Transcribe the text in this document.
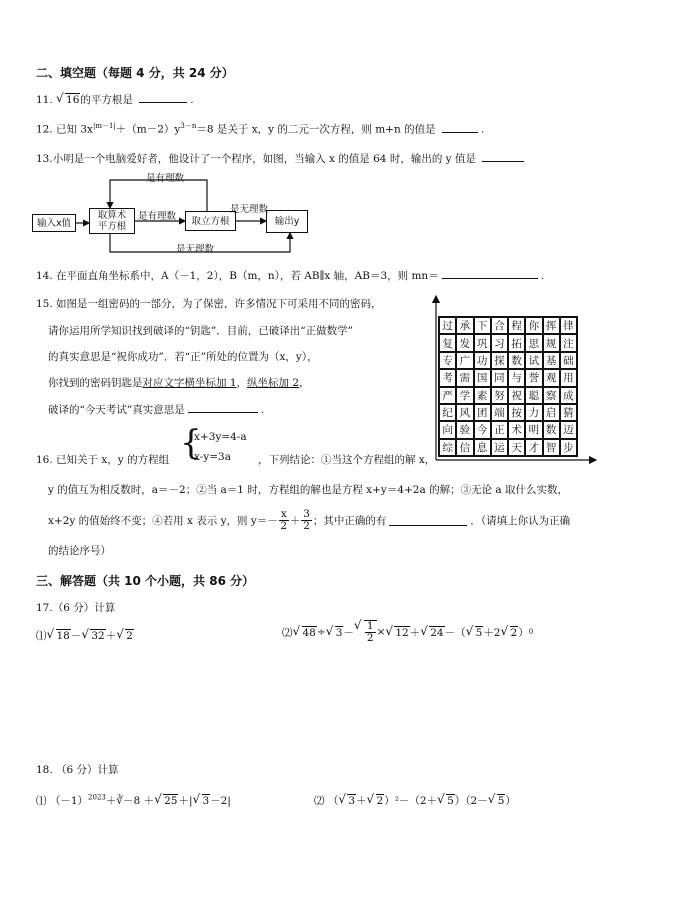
二、填空题（每题 4 分，共 24 分）
11. √ 16的平方根是	.
12. 已知 $3x^{|m-1|}+(m-2)y^{3-n}=8$ 是关于 x，y 的二元一次方程，则 m+n 的值是	.
13.小明是一个电脑爱好者，他设计了一个程序，如图，当输入 x 的值是 64 时，输出的 y 值是
输入x值
取算术
平方根	取立方根	输出y
是有理数
是有理数
是无理数
是无理数
14. 在平面直角坐标系中，A（－1，2），B（m，n），若 AB∥x 轴，AB＝3，则 mn＝	.
15. 如图是一组密码的一部分，为了保密，许多情况下可采用不同的密码，
请你运用所学知识找到破译的“钥匙”．目前，已破译出“正做数学”
的真实意思是“祝你成功”．若“正”所处的位置为（x，y），
你找到的密码钥匙是对应文字横坐标加 1，纵坐标加 2，
破译的“今天考试”真实意思是	.
过 承 下 合 程 你 挥 律
复 发 巩 习 拓 思 规 注
专 广 功 探 数 试 基 础
考 需 国 同 与 誉 观 用
严 学 素 努 祝 聪 察 成
纪 风 团 端 按 力 启 猜
向 验 今 正 术 明 数 迈
综 信 息 运 天 才 智 步
16. 已知关于 x，y 的方程组 {
x+3y=4-a
x-y=3a	，下列结论：①当这个方程组的解 x，
y 的值互为相反数时，a＝－2；②当 a＝1 时，方程组的解也是方程 x+y＝4+2a 的解；③无论 a 取什么实数，
x+2y 的值始终不变；④若用 x 表示 y，则 $y=- \frac{x}{2} + \frac{3}{2}$ ；其中正确的有	．（请填上你认为正确
的结论序号）
三、解答题（共 10 个小题，共 86 分）
17.（6 分）计算
⑴ √ 18－ √ 32＋ √ 2	⑵ √ 48 ÷ √ 3 － √ $\frac{1}{2}$ × √ 12 ＋ √ 24 －（ √ 5 ＋2 √ 2 ） 0
18. （6 分）计算
⑴ $(-1)^{2023}+∛-8$ ＋ √ 25＋| √ 3－2|	⑵ （ √ 3＋ √ 2）²－（2＋ √ 5）（2－ √ 5）
